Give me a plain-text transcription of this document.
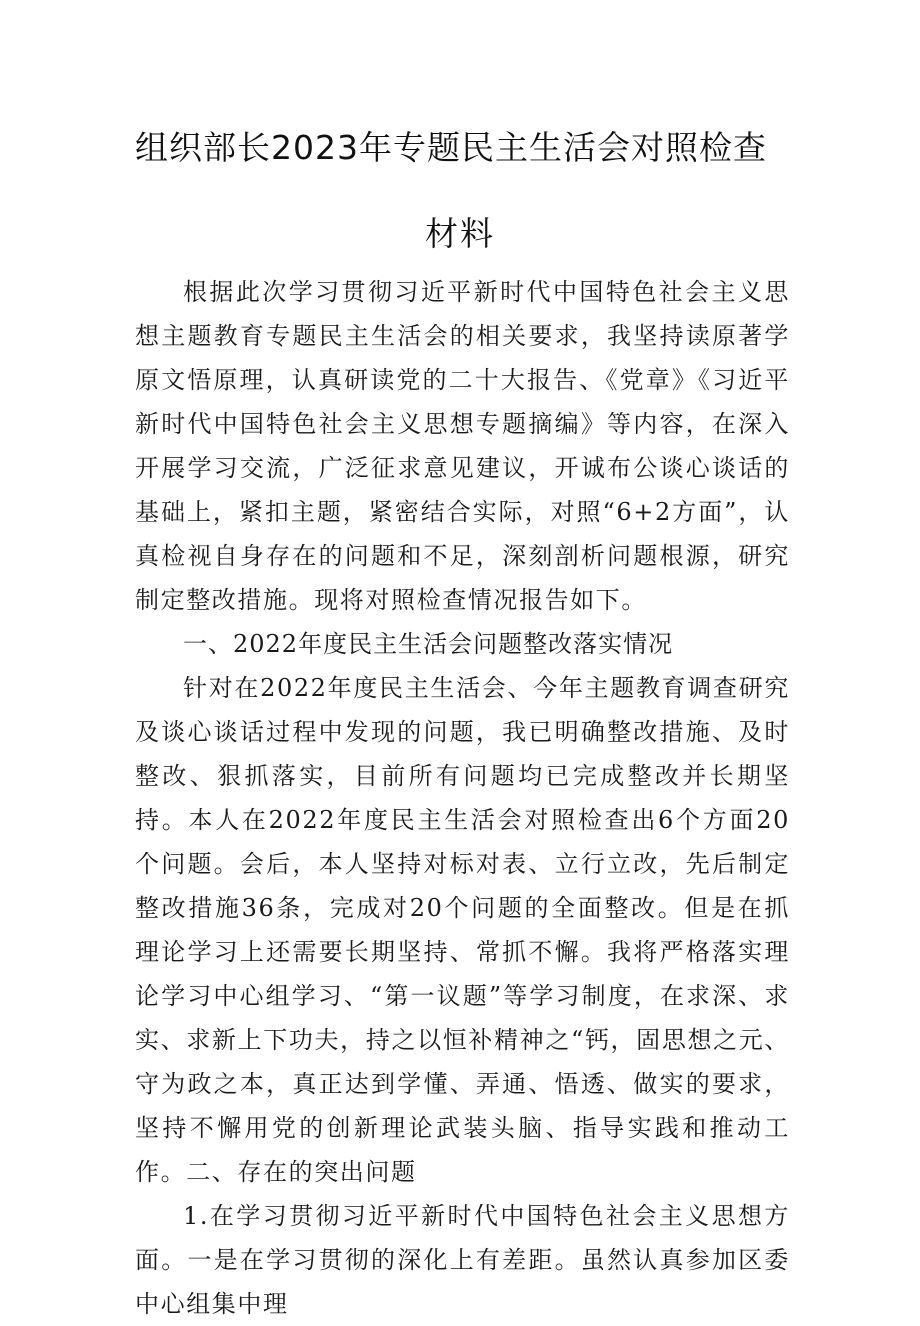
组织部长2023年专题民主生活会对照检查
材料

根据此次学习贯彻习近平新时代中国特色社会主义思想主题教育专题民主生活会的相关要求，我坚持读原著学原文悟原理，认真研读党的二十大报告、《党章》《习近平新时代中国特色社会主义思想专题摘编》等内容，在深入开展学习交流，广泛征求意见建议，开诚布公谈心谈话的基础上，紧扣主题，紧密结合实际，对照“6+2方面”，认真检视自身存在的问题和不足，深刻剖析问题根源，研究制定整改措施。现将对照检查情况报告如下。

一、2022年度民主生活会问题整改落实情况

针对在2022年度民主生活会、今年主题教育调查研究及谈心谈话过程中发现的问题，我已明确整改措施、及时整改、狠抓落实，目前所有问题均已完成整改并长期坚持。本人在2022年度民主生活会对照检查出6个方面20个问题。会后，本人坚持对标对表、立行立改，先后制定整改措施36条，完成对20个问题的全面整改。但是在抓理论学习上还需要长期坚持、常抓不懈。我将严格落实理论学习中心组学习、“第一议题”等学习制度，在求深、求实、求新上下功夫，持之以恒补精神之“钙，固思想之元、守为政之本，真正达到学懂、弄通、悟透、做实的要求，坚持不懈用党的创新理论武装头脑、指导实践和推动工作。二、存在的突出问题

1.在学习贯彻习近平新时代中国特色社会主义思想方面。一是在学习贯彻的深化上有差距。虽然认真参加区委中心组集中理
